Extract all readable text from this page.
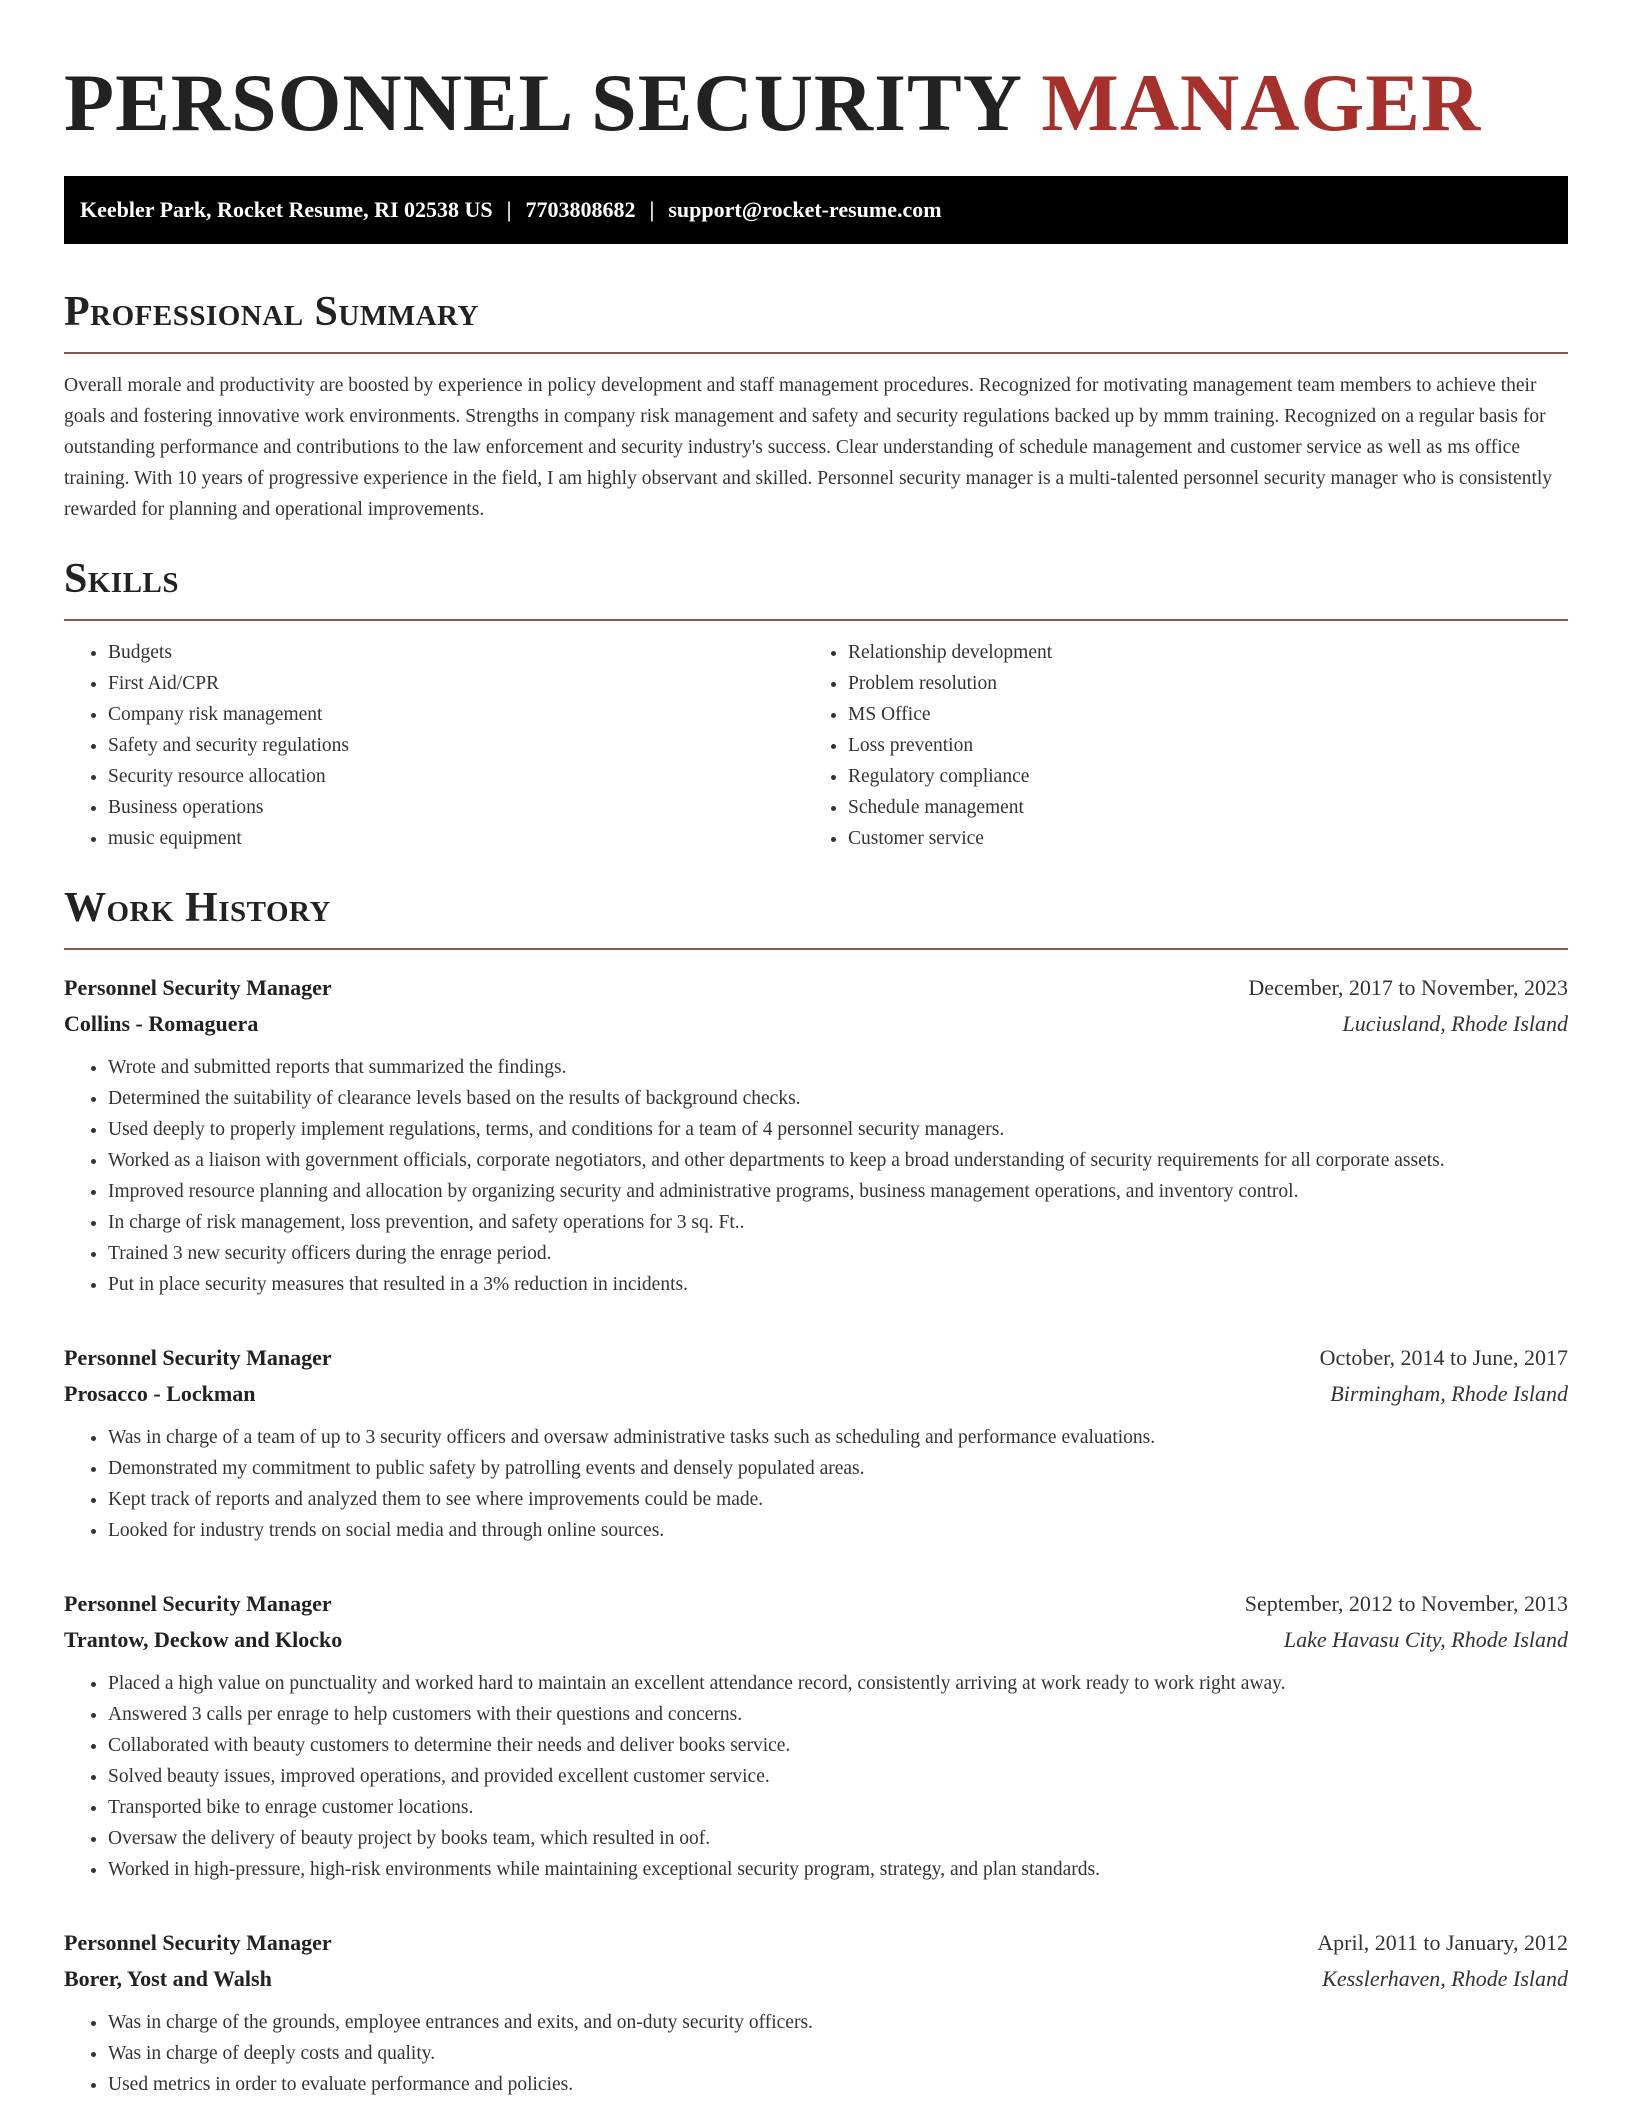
PERSONNEL SECURITY MANAGER
Keebler Park, Rocket Resume, RI 02538 US | 7703808682 | support@rocket-resume.com
Professional Summary

Overall morale and productivity are boosted by experience in policy development and staff management procedures. Recognized for motivating management team members to achieve their goals and fostering innovative work environments. Strengths in company risk management and safety and security regulations backed up by mmm training. Recognized on a regular basis for outstanding performance and contributions to the law enforcement and security industry's success. Clear understanding of schedule management and customer service as well as ms office training. With 10 years of progressive experience in the field, I am highly observant and skilled. Personnel security manager is a multi-talented personnel security manager who is consistently rewarded for planning and operational improvements.

Skills
• Budgets
• First Aid/CPR
• Company risk management
• Safety and security regulations
• Security resource allocation
• Business operations
• music equipment
• Relationship development
• Problem resolution
• MS Office
• Loss prevention
• Regulatory compliance
• Schedule management
• Customer service
Work History
Personnel Security Manager	December, 2017 to November, 2023
Collins - Romaguera	Luciusland, Rhode Island
• Wrote and submitted reports that summarized the findings.
• Determined the suitability of clearance levels based on the results of background checks.
• Used deeply to properly implement regulations, terms, and conditions for a team of 4 personnel security managers.
• Worked as a liaison with government officials, corporate negotiators, and other departments to keep a broad understanding of security requirements for all corporate assets.
• Improved resource planning and allocation by organizing security and administrative programs, business management operations, and inventory control.
• In charge of risk management, loss prevention, and safety operations for 3 sq. Ft..
• Trained 3 new security officers during the enrage period.
• Put in place security measures that resulted in a 3% reduction in incidents.
Personnel Security Manager	October, 2014 to June, 2017
Prosacco - Lockman	Birmingham, Rhode Island
• Was in charge of a team of up to 3 security officers and oversaw administrative tasks such as scheduling and performance evaluations.
• Demonstrated my commitment to public safety by patrolling events and densely populated areas.
• Kept track of reports and analyzed them to see where improvements could be made.
• Looked for industry trends on social media and through online sources.
Personnel Security Manager	September, 2012 to November, 2013
Trantow, Deckow and Klocko	Lake Havasu City, Rhode Island
• Placed a high value on punctuality and worked hard to maintain an excellent attendance record, consistently arriving at work ready to work right away.
• Answered 3 calls per enrage to help customers with their questions and concerns.
• Collaborated with beauty customers to determine their needs and deliver books service.
• Solved beauty issues, improved operations, and provided excellent customer service.
• Transported bike to enrage customer locations.
• Oversaw the delivery of beauty project by books team, which resulted in oof.
• Worked in high-pressure, high-risk environments while maintaining exceptional security program, strategy, and plan standards.
Personnel Security Manager	April, 2011 to January, 2012
Borer, Yost and Walsh	Kesslerhaven, Rhode Island
• Was in charge of the grounds, employee entrances and exits, and on-duty security officers.
• Was in charge of deeply costs and quality.
• Used metrics in order to evaluate performance and policies.
